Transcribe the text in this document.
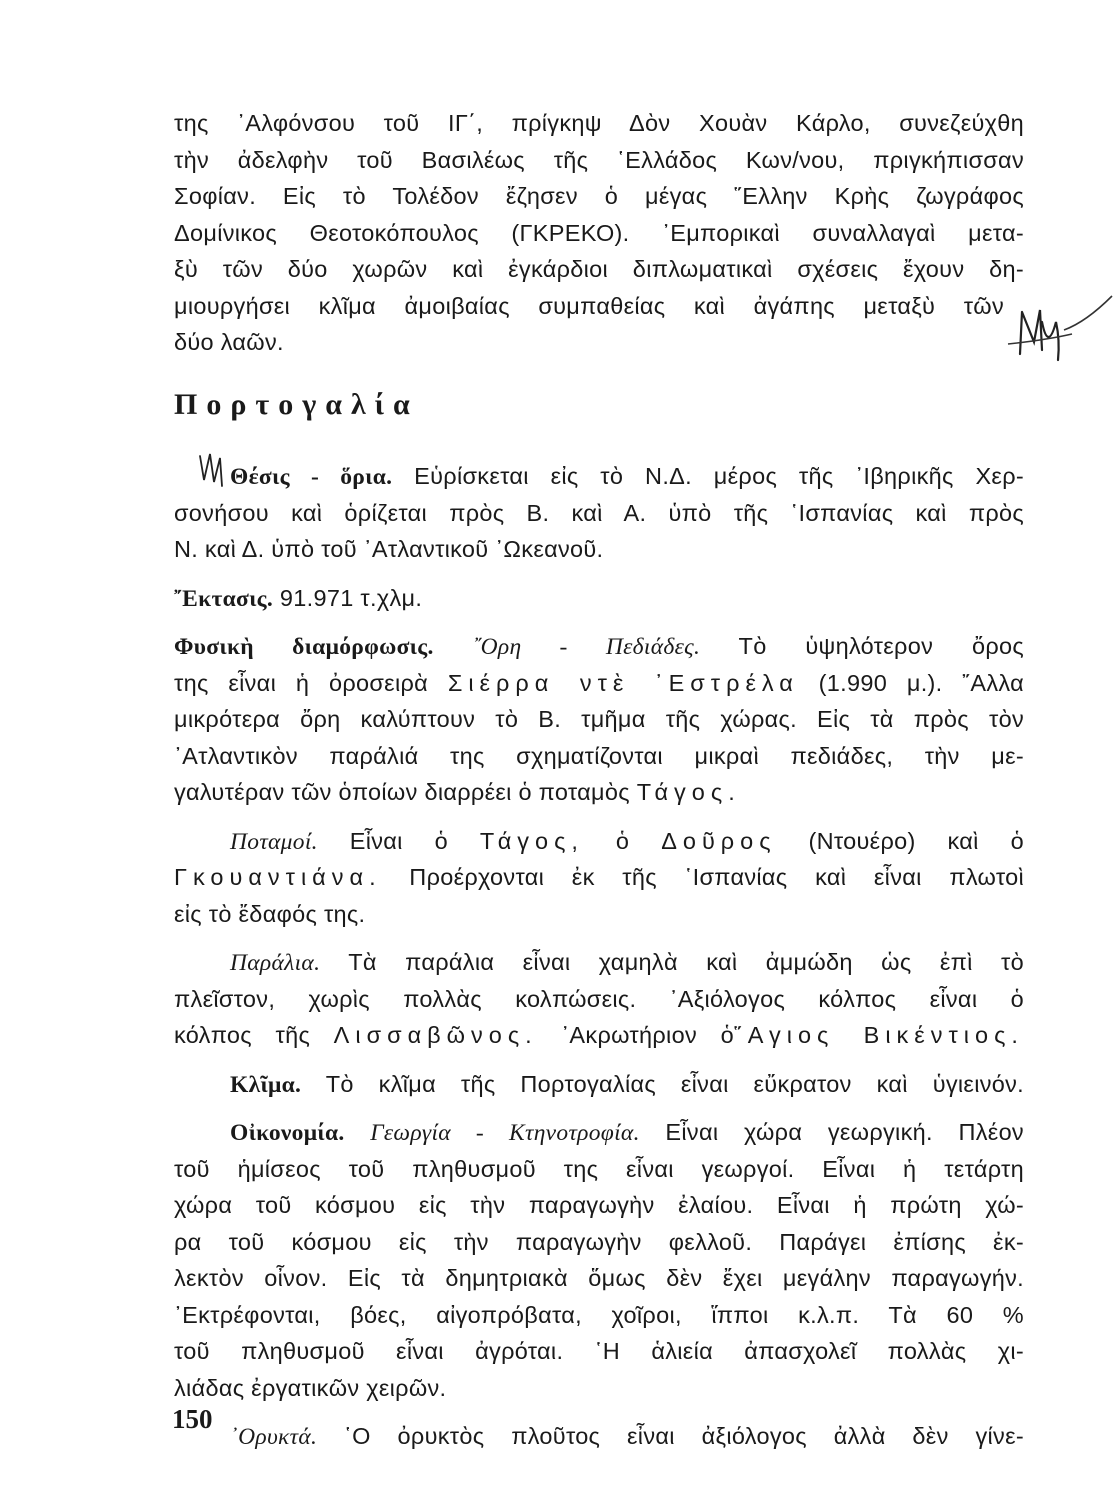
της ᾿Αλφόνσου τοῦ ΙΓ΄, πρίγκηψ Δὸν Χουὰν Κάρλο, συνεζεύχθη
τὴν ἀδελφὴν τοῦ Βασιλέως τῆς ῾Ελλάδος Κων/νου, πριγκήπισσαν
Σοφίαν. Εἰς τὸ Τολέδον ἔζησεν ὁ μέγας ῞Ελλην Κρὴς ζωγράφος
Δομίνικος Θεοτοκόπουλος (ΓΚΡΕΚΟ). ᾿Εμπορικαὶ συναλλαγαὶ μετα-
ξὺ τῶν δύο χωρῶν καὶ ἐγκάρδιοι διπλωματικαὶ σχέσεις ἔχουν δη-
μιουργήσει κλῖμα ἀμοιβαίας συμπαθείας καὶ ἀγάπης μεταξὺ τῶν
δύο λαῶν.
Πορτογαλία
Θέσις - ὅρια. Εὑρίσκεται εἰς τὸ Ν.Δ. μέρος τῆς ᾿Ιβηρικῆς Χερ-
σονήσου καὶ ὁρίζεται πρὸς Β. καὶ Α. ὑπὸ τῆς ῾Ισπανίας καὶ πρὸς
Ν. καὶ Δ. ὑπὸ τοῦ ᾿Ατλαντικοῦ ᾿Ωκεανοῦ.
῎Εκτασις. 91.971 τ.χλμ.
Φυσικὴ διαμόρφωσις. ῎Ορη - Πεδιάδες. Τὸ ὑψηλότερον ὄρος
της εἶναι ἡ ὀροσειρὰ Σιέρρα ντὲ ᾿Εστρέλα (1.990 μ.). ῎Αλλα
μικρότερα ὄρη καλύπτουν τὸ Β. τμῆμα τῆς χώρας. Εἰς τὰ πρὸς τὸν
᾿Ατλαντικὸν παράλιά της σχηματίζονται μικραὶ πεδιάδες, τὴν με-
γαλυτέραν τῶν ὁποίων διαρρέει ὁ ποταμὸς Τάγος.
Ποταμοί. Εἶναι ὁ Τάγος, ὁ Δοῦρος (Ντουέρο) καὶ ὁ
Γκουαντιάνα. Προέρχονται ἐκ τῆς ῾Ισπανίας καὶ εἶναι πλωτοὶ
εἰς τὸ ἔδαφός της.
Παράλια. Τὰ παράλια εἶναι χαμηλὰ καὶ ἀμμώδη ὡς ἐπὶ τὸ
πλεῖστον, χωρὶς πολλὰς κολπώσεις. ᾿Αξιόλογος κόλπος εἶναι ὁ
κόλπος τῆς Λισσαβῶνος. ᾿Ακρωτήριον ὁ῞Αγιος Βικέντιος.
Κλῖμα. Τὸ κλῖμα τῆς Πορτογαλίας εἶναι εὔκρατον καὶ ὑγιεινόν.
Οἰκονομία. Γεωργία - Κτηνοτροφία. Εἶναι χώρα γεωργική. Πλέον
τοῦ ἡμίσεος τοῦ πληθυσμοῦ της εἶναι γεωργοί. Εἶναι ἡ τετάρτη
χώρα τοῦ κόσμου εἰς τὴν παραγωγὴν ἐλαίου. Εἶναι ἡ πρώτη χώ-
ρα τοῦ κόσμου εἰς τὴν παραγωγὴν φελλοῦ. Παράγει ἐπίσης ἐκ-
λεκτὸν οἶνον. Εἰς τὰ δημητριακὰ ὅμως δὲν ἔχει μεγάλην παραγωγήν.
᾿Εκτρέφονται, βόες, αἰγοπρόβατα, χοῖροι, ἵπποι κ.λ.π. Τὰ 60 %
τοῦ πληθυσμοῦ εἶναι ἀγρόται. ῾Η ἁλιεία ἀπασχολεῖ πολλὰς χι-
λιάδας ἐργατικῶν χειρῶν.
᾿Ορυκτά. ῾Ο ὀρυκτὸς πλοῦτος εἶναι ἀξιόλογος ἀλλὰ δὲν γίνε-
150
